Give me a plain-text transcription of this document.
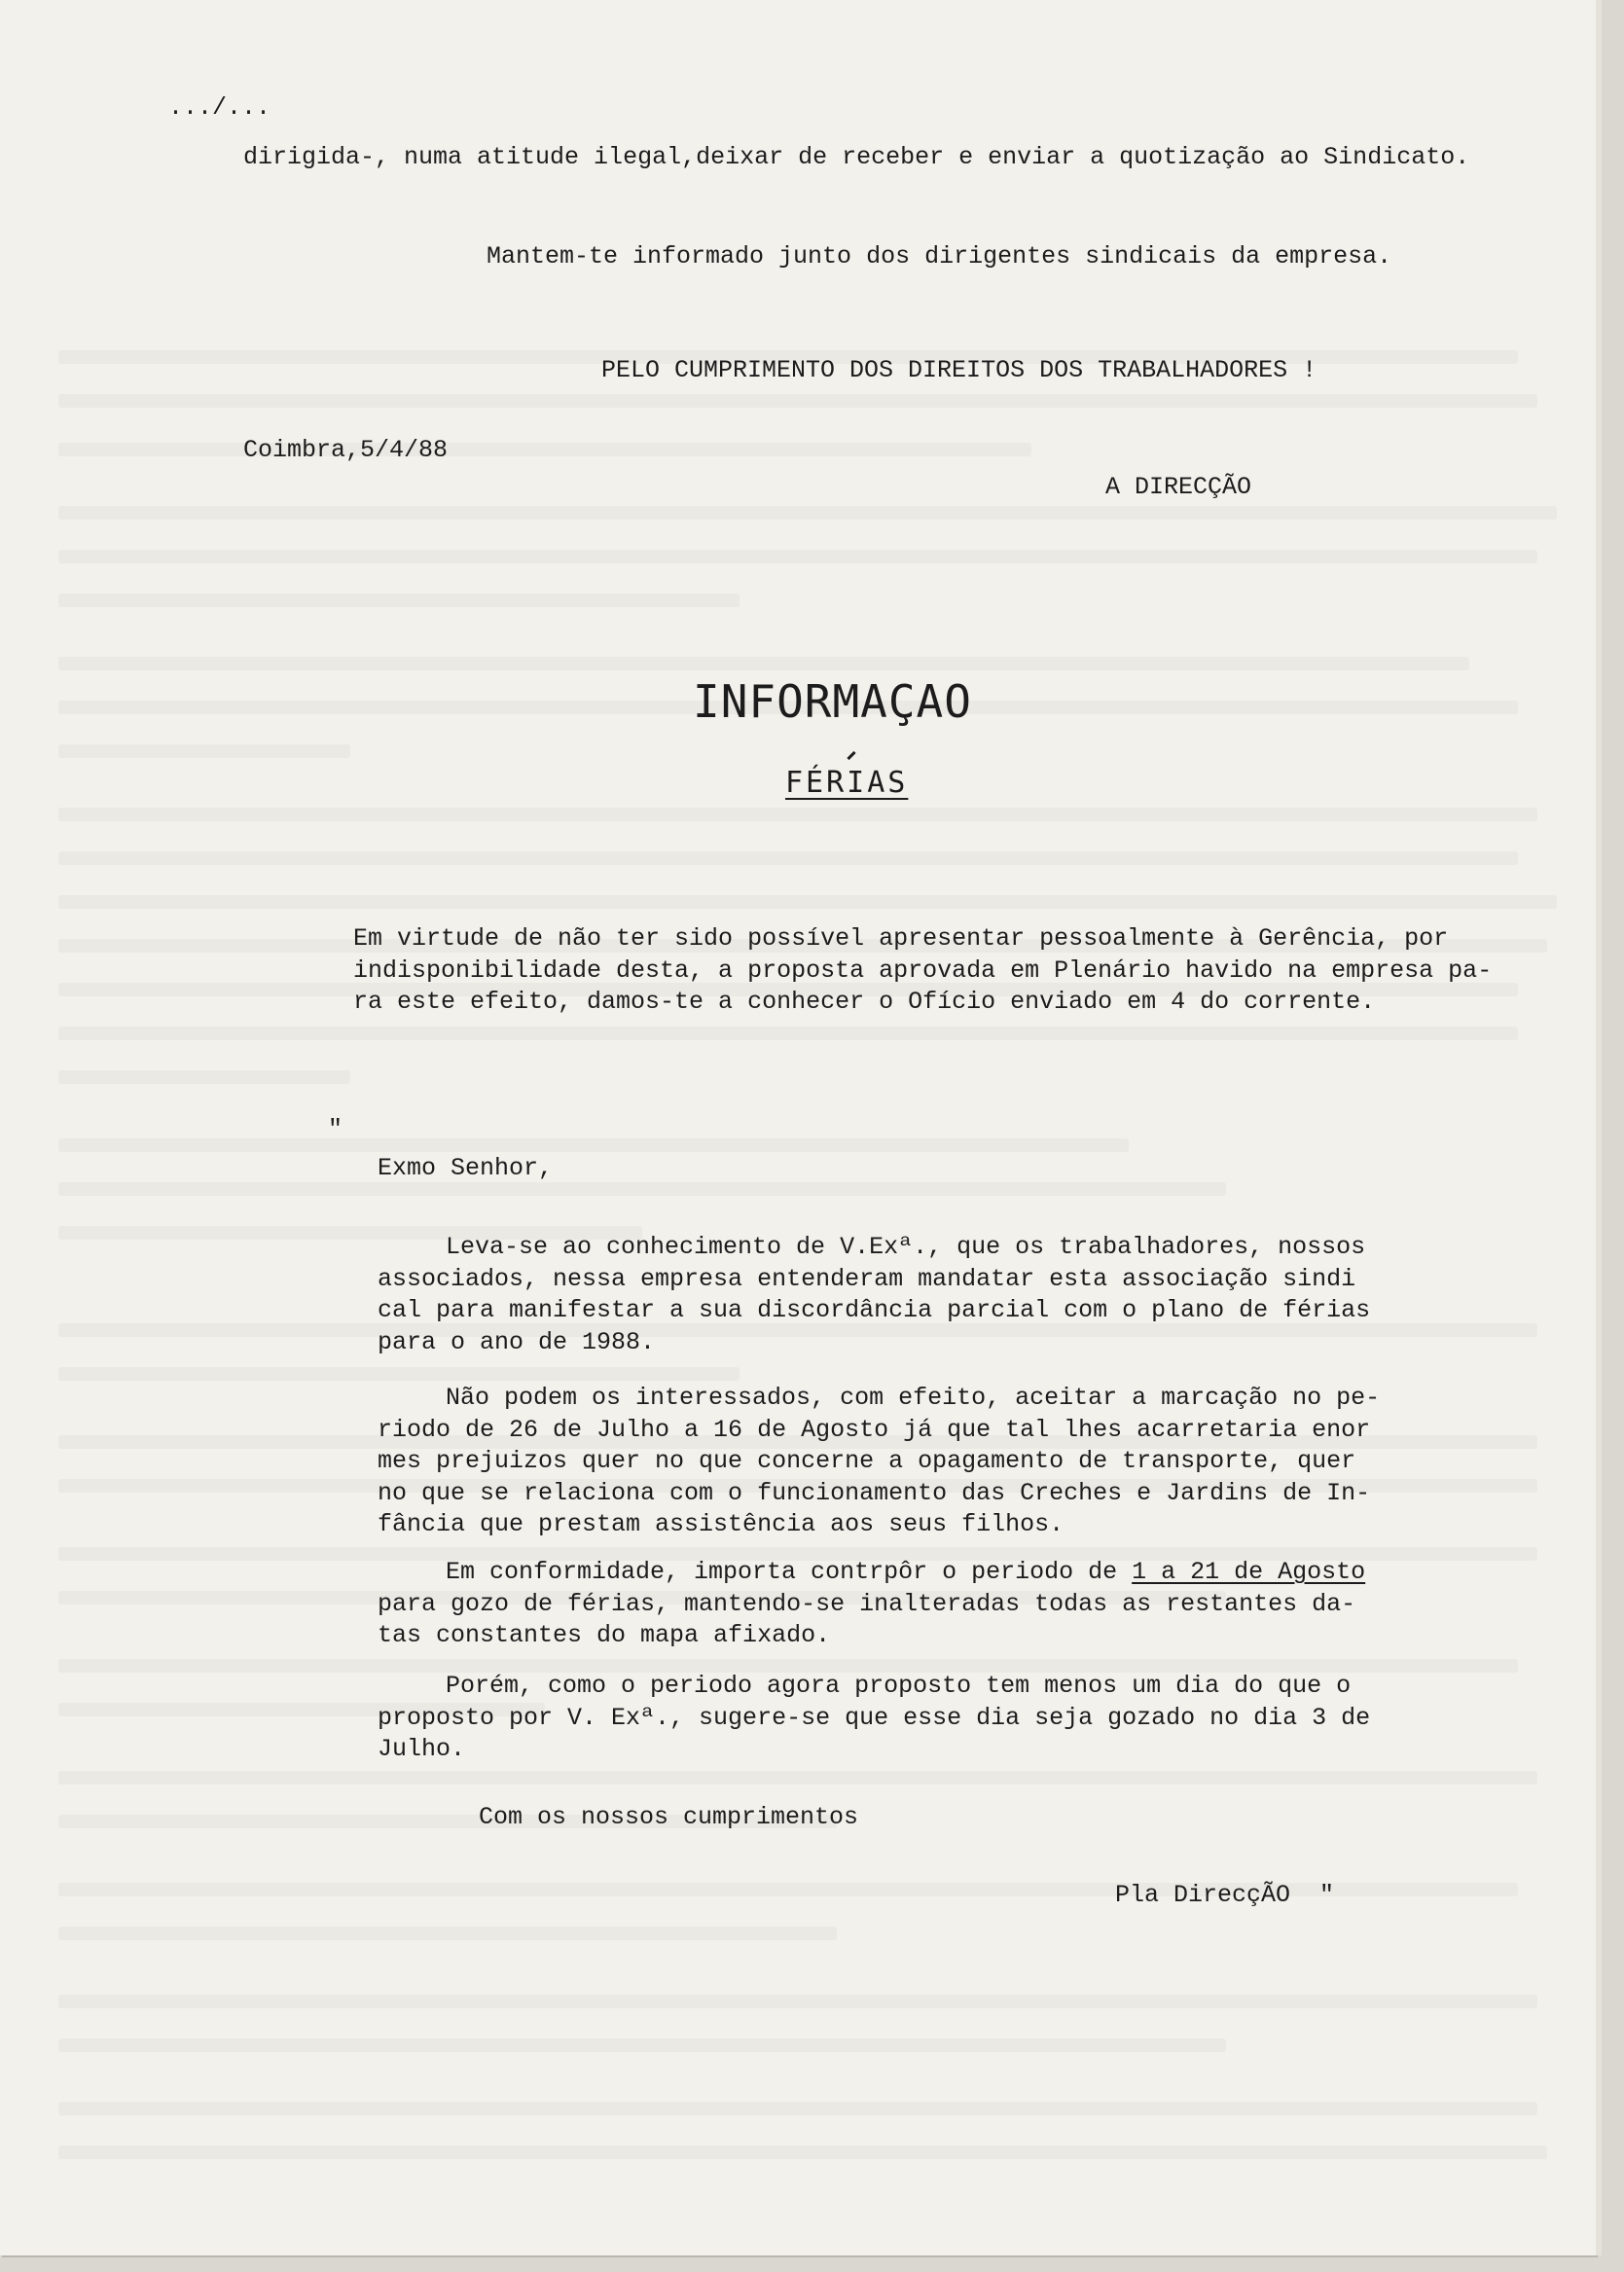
.../...
dirigida-, numa atitude ilegal,deixar de receber e enviar a quotização ao Sindicato.
Mantem-te informado junto dos dirigentes sindicais da empresa.
PELO CUMPRIMENTO DOS DIREITOS DOS TRABALHADORES !
Coimbra,5/4/88
A DIRECÇÃO
INFORMAÇAO
FÉRIAS
Em virtude de não ter sido possível apresentar pessoalmente à Gerência, por
indisponibilidade desta, a proposta aprovada em Plenário havido na empresa pa-
ra este efeito, damos-te a conhecer o Ofício enviado em 4 do corrente.
"
Exmo Senhor,
Leva-se ao conhecimento de V.Exª., que os trabalhadores, nossos
associados, nessa empresa entenderam mandatar esta associação sindi
cal para manifestar a sua discordância parcial com o plano de férias
para o ano de 1988.
Não podem os interessados, com efeito, aceitar a marcação no pe-
riodo de 26 de Julho a 16 de Agosto já que tal lhes acarretaria enor
mes prejuizos quer no que concerne a opagamento de transporte, quer
no que se relaciona com o funcionamento das Creches e Jardins de In-
fância que prestam assistência aos seus filhos.
Em conformidade, importa contrpôr o periodo de 1 a 21 de Agosto
para gozo de férias, mantendo-se inalteradas todas as restantes da-
tas constantes do mapa afixado.
Porém, como o periodo agora proposto tem menos um dia do que o
proposto por V. Exª., sugere-se que esse dia seja gozado no dia 3 de
Julho.
Com os nossos cumprimentos
Pla DirecçÃO  "
